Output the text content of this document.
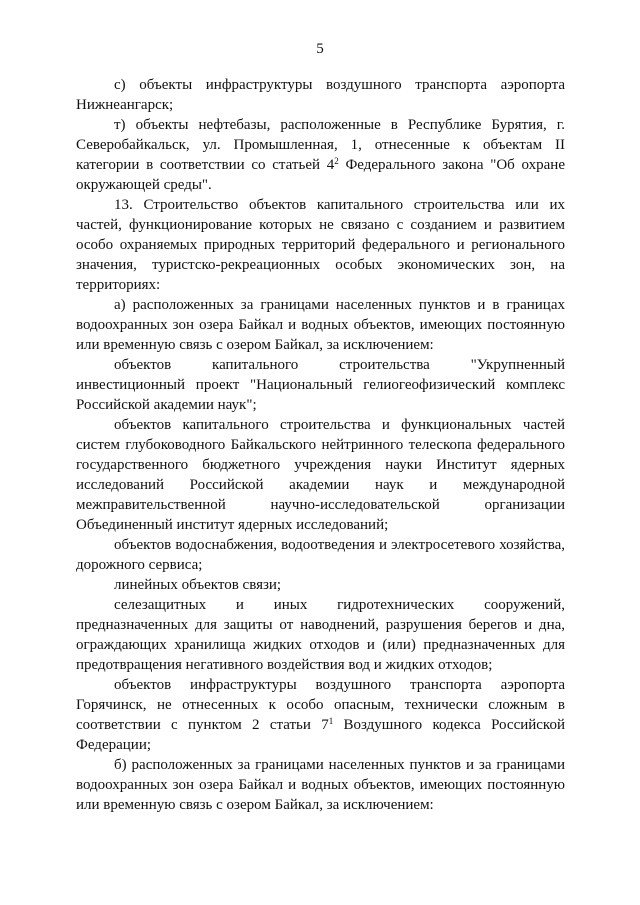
5

с) объекты инфраструктуры воздушного транспорта аэропорта Нижнеангарск;

т) объекты нефтебазы, расположенные в Республике Бурятия, г. Северобайкальск, ул. Промышленная, 1, отнесенные к объектам II категории в соответствии со статьей $4^2$ Федерального закона "Об охране окружающей среды".

13. Строительство объектов капитального строительства или их частей, функционирование которых не связано с созданием и развитием особо охраняемых природных территорий федерального и регионального значения, туристско-рекреационных особых экономических зон, на территориях:

а) расположенных за границами населенных пунктов и в границах водоохранных зон озера Байкал и водных объектов, имеющих постоянную или временную связь с озером Байкал, за исключением:

объектов капитального строительства "Укрупненный инвестиционный проект "Национальный гелиогеофизический комплекс Российской академии наук";

объектов капитального строительства и функциональных частей систем глубоководного Байкальского нейтринного телескопа федерального государственного бюджетного учреждения науки Институт ядерных исследований Российской академии наук и международной межправительственной научно-исследовательской организации Объединенный институт ядерных исследований;

объектов водоснабжения, водоотведения и электросетевого хозяйства, дорожного сервиса;

линейных объектов связи;

селезащитных и иных гидротехнических сооружений, предназначенных для защиты от наводнений, разрушения берегов и дна, ограждающих хранилища жидких отходов и (или) предназначенных для предотвращения негативного воздействия вод и жидких отходов;

объектов инфраструктуры воздушного транспорта аэропорта Горячинск, не отнесенных к особо опасным, технически сложным в соответствии с пунктом 2 статьи $7^1$ Воздушного кодекса Российской Федерации;

б) расположенных за границами населенных пунктов и за границами водоохранных зон озера Байкал и водных объектов, имеющих постоянную или временную связь с озером Байкал, за исключением:
